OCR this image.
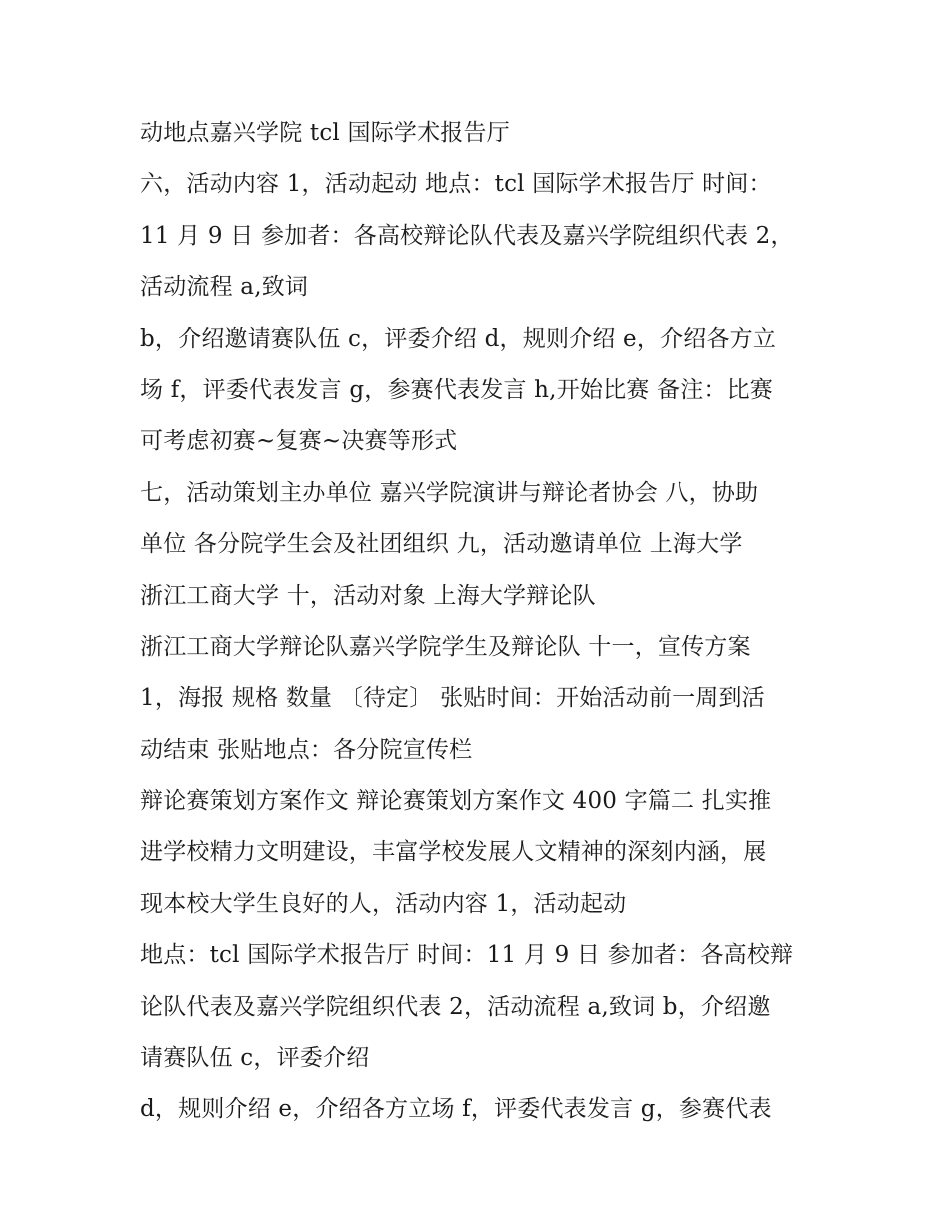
动地点嘉兴学院 tcl 国际学术报告厅
六，活动内容 1，活动起动 地点：tcl 国际学术报告厅 时间：
11 月 9 日 参加者：各高校辩论队代表及嘉兴学院组织代表 2，
活动流程 a,致词
b，介绍邀请赛队伍 c，评委介绍 d，规则介绍 e，介绍各方立
场 f，评委代表发言 g，参赛代表发言 h,开始比赛 备注：比赛
可考虑初赛~复赛~决赛等形式
七，活动策划主办单位 嘉兴学院演讲与辩论者协会 八，协助
单位 各分院学生会及社团组织 九，活动邀请单位 上海大学
浙江工商大学 十，活动对象 上海大学辩论队
浙江工商大学辩论队嘉兴学院学生及辩论队 十一，宣传方案
1，海报 规格 数量 〔待定〕 张贴时间：开始活动前一周到活
动结束 张贴地点：各分院宣传栏
辩论赛策划方案作文 辩论赛策划方案作文 400 字篇二 扎实推
进学校精力文明建设，丰富学校发展人文精神的深刻内涵，展
现本校大学生良好的人，活动内容 1，活动起动
地点：tcl 国际学术报告厅 时间：11 月 9 日 参加者：各高校辩
论队代表及嘉兴学院组织代表 2，活动流程 a,致词 b，介绍邀
请赛队伍 c，评委介绍
d，规则介绍 e，介绍各方立场 f，评委代表发言 g，参赛代表
